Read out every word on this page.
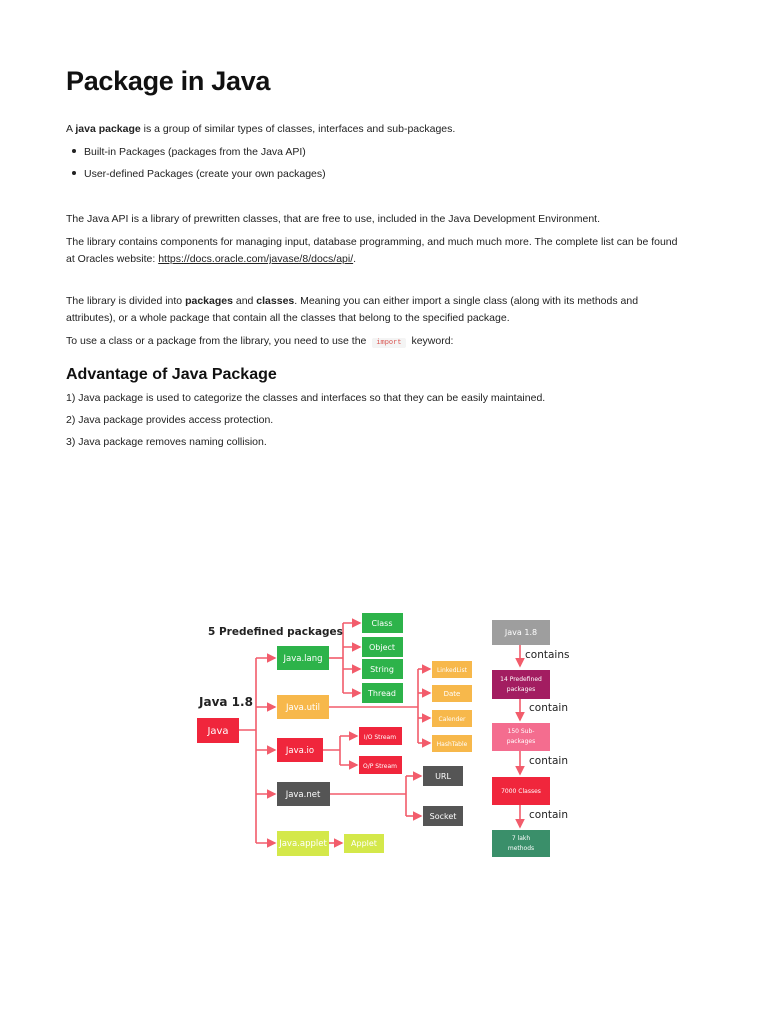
Package in Java

A java package is a group of similar types of classes, interfaces and sub-packages.

Built-in Packages (packages from the Java API)
User-defined Packages (create your own packages)

The Java API is a library of prewritten classes, that are free to use, included in the Java Development Environment.

The library contains components for managing input, database programming, and much much more. The complete list can be found
at Oracles website: https://docs.oracle.com/javase/8/docs/api/.

The library is divided into packages and classes. Meaning you can either import a single class (along with its methods and
attributes), or a whole package that contain all the classes that belong to the specified package.

To use a class or a package from the library, you need to use the import keyword:

Advantage of Java Package

1) Java package is used to categorize the classes and interfaces so that they can be easily maintained.

2) Java package provides access protection.

3) Java package removes naming collision.

5 Predefined packages
Java 1.8
Java
Java.lang
Java.util
Java.io
Java.net
Java.applet
Class
Object
String
Thread
LinkedList
Date
Calender
HashTable
I/O Stream
O/P Stream
URL
Socket
Applet
Java 1.8
contains
14 Predefined
packages
contain
150 Sub-
packages
contain
7000 Classes
contain
7 lakh
methods
